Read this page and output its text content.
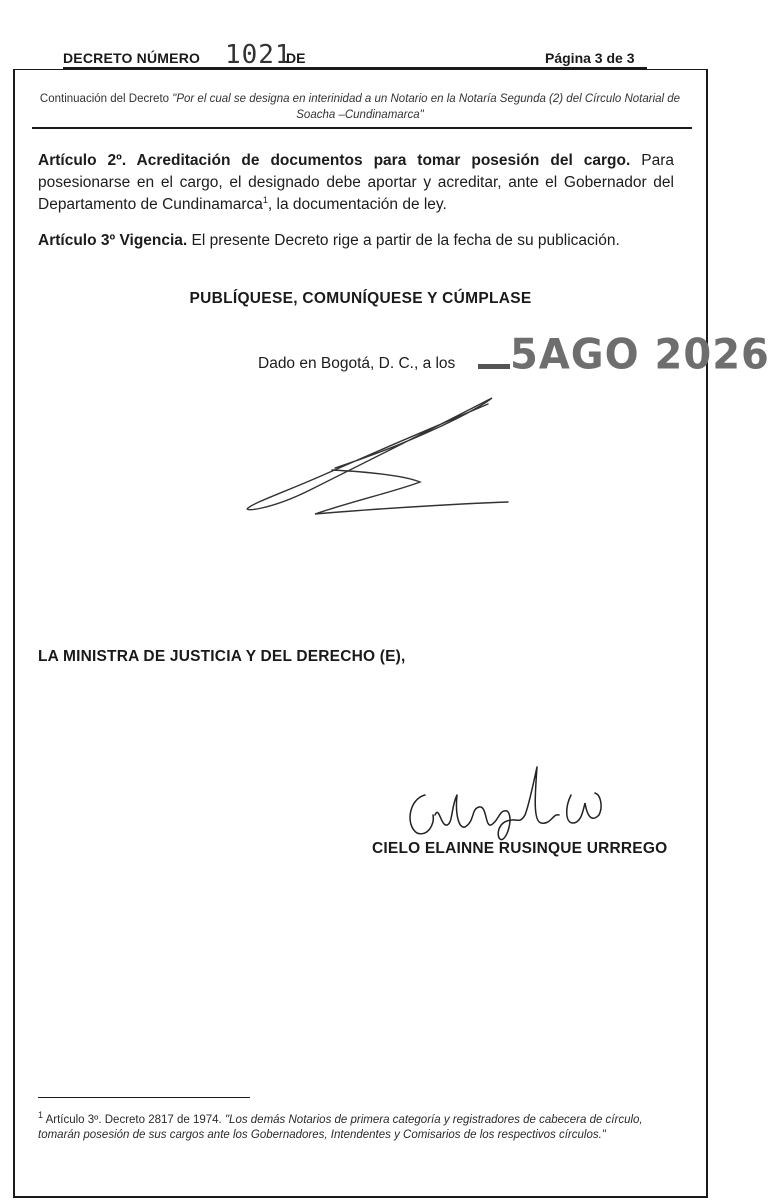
DECRETO NÚMERO 1021
DE	Página 3 de 3
Continuación del Decreto "Por el cual se designa en interinidad a un Notario en la Notaría Segunda (2) del Círculo Notarial de Soacha –Cundinamarca"
Artículo 2º. Acreditación de documentos para tomar posesión del cargo. Para posesionarse en el cargo, el designado debe aportar y acreditar, ante el Gobernador del Departamento de Cundinamarca$^1$, la documentación de ley.
Artículo 3º Vigencia. El presente Decreto rige a partir de la fecha de su publicación.
PUBLÍQUESE, COMUNÍQUESE Y CÚMPLASE
Dado en Bogotá, D. C., a los 5AGO 2026
LA MINISTRA DE JUSTICIA Y DEL DERECHO (E),
CIELO ELAINNE RUSINQUE URRREGO
$^1$ Artículo 3º. Decreto 2817 de 1974. "Los demás Notarios de primera categoría y registradores de cabecera de círculo, tomarán posesión de sus cargos ante los Gobernadores, Intendentes y Comisarios de los respectivos círculos."
